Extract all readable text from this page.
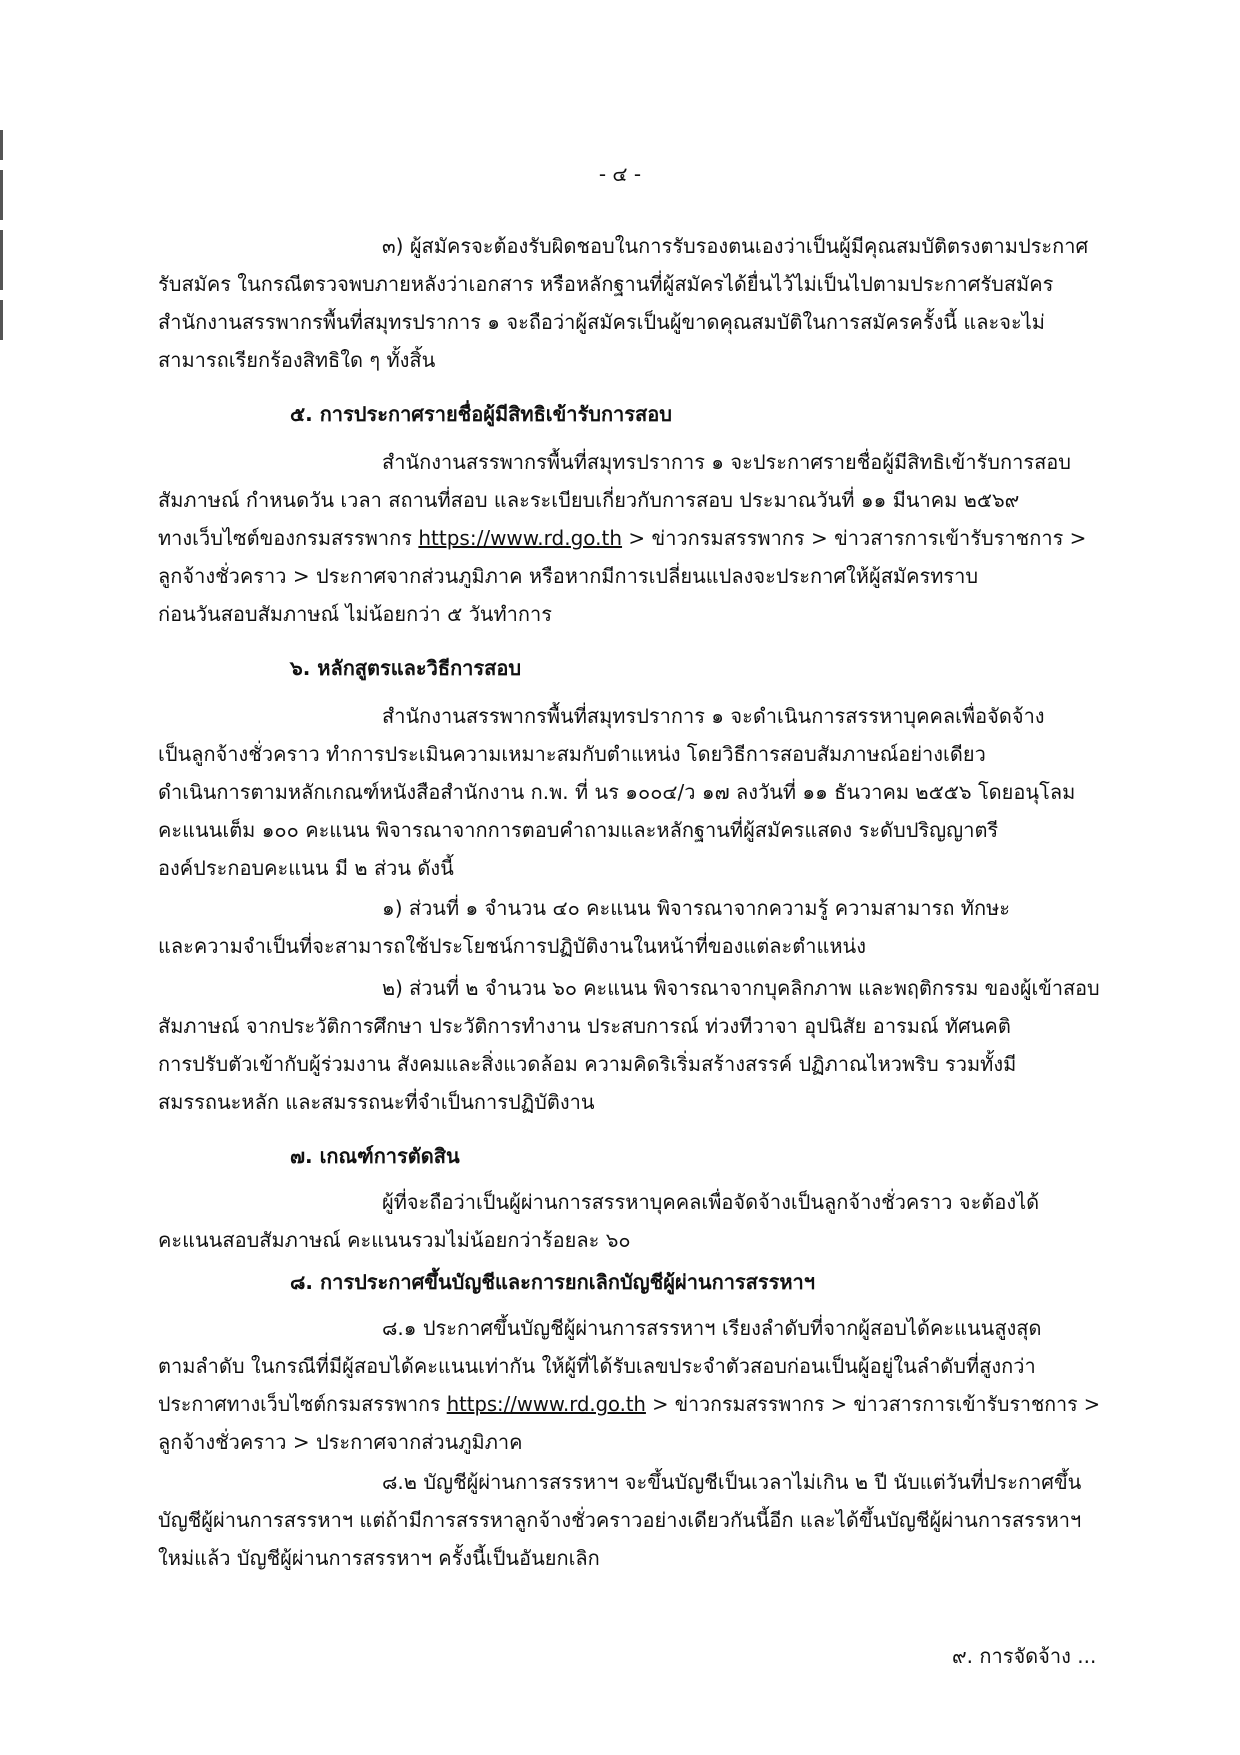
- ๔ -
๓) ผู้สมัครจะต้องรับผิดชอบในการรับรองตนเองว่าเป็นผู้มีคุณสมบัติตรงตามประกาศ
รับสมัคร ในกรณีตรวจพบภายหลังว่าเอกสาร หรือหลักฐานที่ผู้สมัครได้ยื่นไว้ไม่เป็นไปตามประกาศรับสมัคร
สำนักงานสรรพากรพื้นที่สมุทรปราการ ๑ จะถือว่าผู้สมัครเป็นผู้ขาดคุณสมบัติในการสมัครครั้งนี้ และจะไม่
สามารถเรียกร้องสิทธิใด ๆ ทั้งสิ้น
๕. การประกาศรายชื่อผู้มีสิทธิเข้ารับการสอบ
สำนักงานสรรพากรพื้นที่สมุทรปราการ ๑ จะประกาศรายชื่อผู้มีสิทธิเข้ารับการสอบ
สัมภาษณ์ กำหนดวัน เวลา สถานที่สอบ และระเบียบเกี่ยวกับการสอบ ประมาณวันที่ ๑๑ มีนาคม ๒๕๖๙
ทางเว็บไซต์ของกรมสรรพากร https://www.rd.go.th > ข่าวกรมสรรพากร > ข่าวสารการเข้ารับราชการ >
ลูกจ้างชั่วคราว > ประกาศจากส่วนภูมิภาค หรือหากมีการเปลี่ยนแปลงจะประกาศให้ผู้สมัครทราบ
ก่อนวันสอบสัมภาษณ์ ไม่น้อยกว่า ๕ วันทำการ
๖. หลักสูตรและวิธีการสอบ
สำนักงานสรรพากรพื้นที่สมุทรปราการ ๑ จะดำเนินการสรรหาบุคคลเพื่อจัดจ้าง
เป็นลูกจ้างชั่วคราว ทำการประเมินความเหมาะสมกับตำแหน่ง โดยวิธีการสอบสัมภาษณ์อย่างเดียว
ดำเนินการตามหลักเกณฑ์หนังสือสำนักงาน ก.พ. ที่ นร ๑๐๐๔/ว ๑๗ ลงวันที่ ๑๑ ธันวาคม ๒๕๕๖ โดยอนุโลม
คะแนนเต็ม ๑๐๐ คะแนน พิจารณาจากการตอบคำถามและหลักฐานที่ผู้สมัครแสดง ระดับปริญญาตรี
องค์ประกอบคะแนน มี ๒ ส่วน ดังนี้
๑) ส่วนที่ ๑ จำนวน ๔๐ คะแนน พิจารณาจากความรู้ ความสามารถ ทักษะ
และความจำเป็นที่จะสามารถใช้ประโยชน์การปฏิบัติงานในหน้าที่ของแต่ละตำแหน่ง
๒) ส่วนที่ ๒ จำนวน ๖๐ คะแนน พิจารณาจากบุคลิกภาพ และพฤติกรรม ของผู้เข้าสอบ
สัมภาษณ์ จากประวัติการศึกษา ประวัติการทำงาน ประสบการณ์ ท่วงทีวาจา อุปนิสัย อารมณ์ ทัศนคติ
การปรับตัวเข้ากับผู้ร่วมงาน สังคมและสิ่งแวดล้อม ความคิดริเริ่มสร้างสรรค์ ปฏิภาณไหวพริบ รวมทั้งมี
สมรรถนะหลัก และสมรรถนะที่จำเป็นการปฏิบัติงาน
๗. เกณฑ์การตัดสิน
ผู้ที่จะถือว่าเป็นผู้ผ่านการสรรหาบุคคลเพื่อจัดจ้างเป็นลูกจ้างชั่วคราว จะต้องได้
คะแนนสอบสัมภาษณ์ คะแนนรวมไม่น้อยกว่าร้อยละ ๖๐
๘. การประกาศขึ้นบัญชีและการยกเลิกบัญชีผู้ผ่านการสรรหาฯ
๘.๑ ประกาศขึ้นบัญชีผู้ผ่านการสรรหาฯ เรียงลำดับที่จากผู้สอบได้คะแนนสูงสุด
ตามลำดับ ในกรณีที่มีผู้สอบได้คะแนนเท่ากัน ให้ผู้ที่ได้รับเลขประจำตัวสอบก่อนเป็นผู้อยู่ในลำดับที่สูงกว่า
ประกาศทางเว็บไซต์กรมสรรพากร https://www.rd.go.th > ข่าวกรมสรรพากร > ข่าวสารการเข้ารับราชการ >
ลูกจ้างชั่วคราว > ประกาศจากส่วนภูมิภาค
๘.๒ บัญชีผู้ผ่านการสรรหาฯ จะขึ้นบัญชีเป็นเวลาไม่เกิน ๒ ปี นับแต่วันที่ประกาศขึ้น
บัญชีผู้ผ่านการสรรหาฯ แต่ถ้ามีการสรรหาลูกจ้างชั่วคราวอย่างเดียวกันนี้อีก และได้ขึ้นบัญชีผู้ผ่านการสรรหาฯ
ใหม่แล้ว บัญชีผู้ผ่านการสรรหาฯ ครั้งนี้เป็นอันยกเลิก
๙. การจัดจ้าง ...
